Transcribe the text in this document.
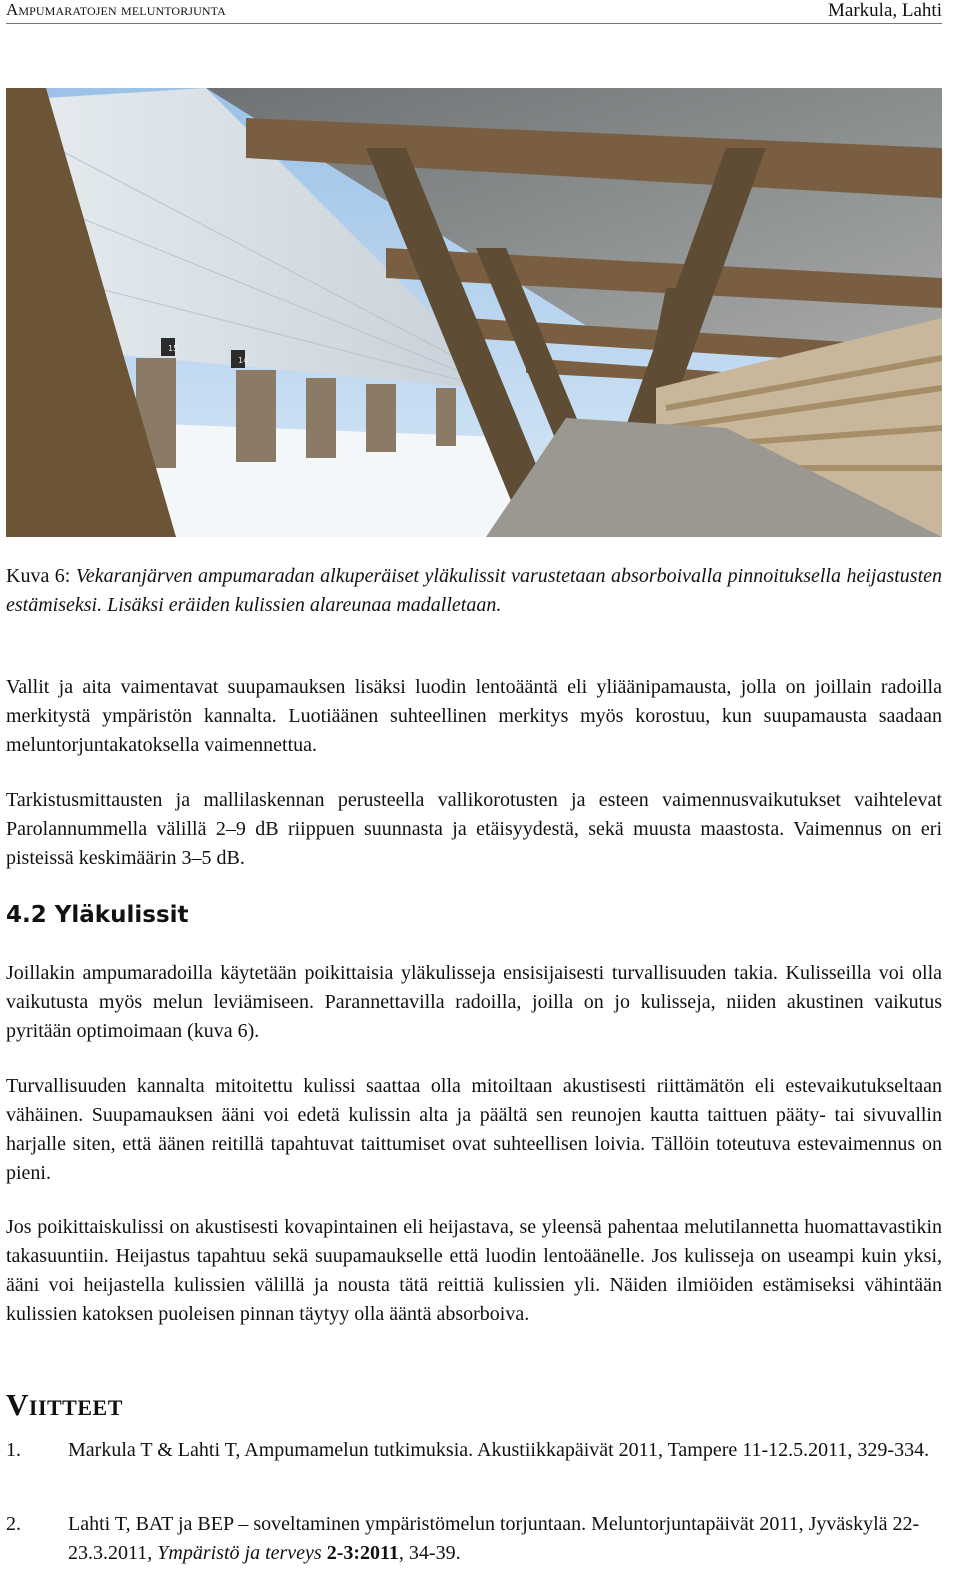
Ampumaratojen meluntorjunta	Markula, Lahti
15
14
Kuva 6: Vekaranjärven ampumaradan alkuperäiset yläkulissit varustetaan absorboivalla pinnoituksella heijastusten estämiseksi. Lisäksi eräiden kulissien alareunaa madalletaan.

Vallit ja aita vaimentavat suupamauksen lisäksi luodin lentoääntä eli yliäänipamausta, jolla on joillain radoilla merkitystä ympäristön kannalta. Luotiäänen suhteellinen merkitys myös korostuu, kun suupamausta saadaan meluntorjuntakatoksella vaimennettua.

Tarkistusmittausten ja mallilaskennan perusteella vallikorotusten ja esteen vaimennusvaikutukset vaihtelevat Parolannummella välillä 2–9 dB riippuen suunnasta ja etäisyydestä, sekä muusta maastosta. Vaimennus on eri pisteissä keskimäärin 3–5 dB.

4.2 Yläkulissit

Joillakin ampumaradoilla käytetään poikittaisia yläkulisseja ensisijaisesti turvallisuuden takia. Kulisseilla voi olla vaikutusta myös melun leviämiseen. Parannettavilla radoilla, joilla on jo kulisseja, niiden akustinen vaikutus pyritään optimoimaan (kuva 6).

Turvallisuuden kannalta mitoitettu kulissi saattaa olla mitoiltaan akustisesti riittämätön eli estevaikutukseltaan vähäinen. Suupamauksen ääni voi edetä kulissin alta ja päältä sen reunojen kautta taittuen pääty- tai sivuvallin harjalle siten, että äänen reitillä tapahtuvat taittumiset ovat suhteellisen loivia. Tällöin toteutuva estevaimennus on pieni.

Jos poikittaiskulissi on akustisesti kovapintainen eli heijastava, se yleensä pahentaa melutilannetta huomattavastikin takasuuntiin. Heijastus tapahtuu sekä suupamaukselle että luodin lentoäänelle. Jos kulisseja on useampi kuin yksi, ääni voi heijastella kulissien välillä ja nousta tätä reittiä kulissien yli. Näiden ilmiöiden estämiseksi vähintään kulissien katoksen puoleisen pinnan täytyy olla ääntä absorboiva.

Viitteet
1. Markula T & Lahti T, Ampumamelun tutkimuksia. Akustiikkapäivät 2011, Tampere 11-12.5.2011, 329-334.
2. Lahti T, BAT ja BEP – soveltaminen ympäristömelun torjuntaan. Meluntorjuntapäivät 2011, Jyväskylä 22-23.3.2011, Ympäristö ja terveys 2-3:2011, 34-39.
